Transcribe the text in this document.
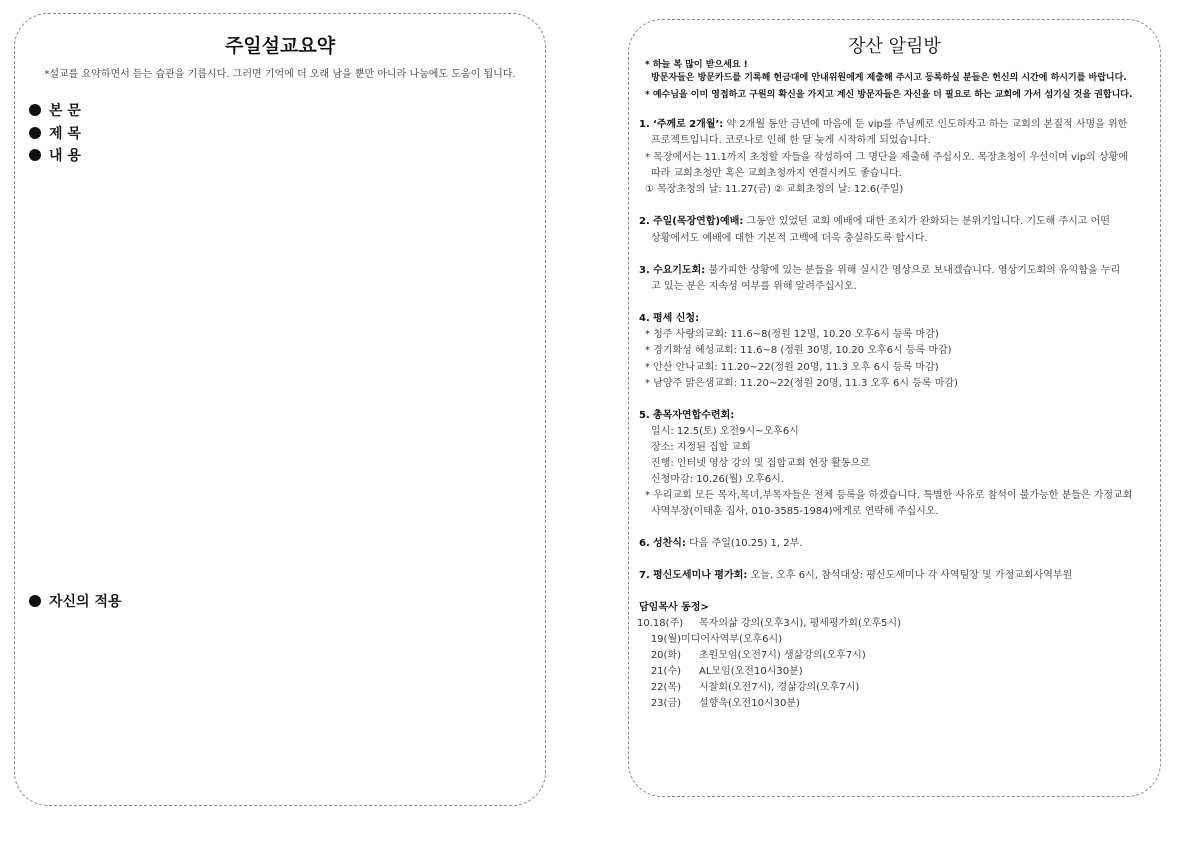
주일설교요약
*설교를 요약하면서 듣는 습관을 기릅시다. 그러면 기억에 더 오래 남을 뿐만 아니라 나눔에도 도움이 됩니다.
본 문
제 목
내 용
자신의 적용
장산 알림방
* 하늘 복 많이 받으세요 !
방문자들은 방문카드를 기록해 헌금대에 안내위원에게 제출해 주시고 등록하실 분들은 헌신의 시간에 하시기를 바랍니다.
* 예수님을 이미 영접하고 구원의 확신을 가지고 계신 방문자들은 자신을 더 필요로 하는 교회에 가서 섬기실 것을 권합니다.
1. ‘주께로 2개월’: 약 2개월 동안 금년에 마음에 둔 vip를 주님께로 인도하자고 하는 교회의 본질적 사명을 위한
프로젝트입니다. 코로나로 인해 한 달 늦게 시작하게 되었습니다.
* 목장에서는 11.1까지 초청할 자들을 작성하여 그 명단을 제출해 주십시오. 목장초청이 우선이며 vip의 상황에
따라 교회초청만 혹은 교회초청까지 연결시켜도 좋습니다.
① 목장초청의 날: 11.27(금) ② 교회초청의 날: 12.6(주일)
2. 주일(목장연합)예배: 그동안 있었던 교회 예배에 대한 조치가 완화되는 분위기입니다. 기도해 주시고 어떤
상황에서도 예배에 대한 기본적 고백에 더욱 충실하도록 합시다.
3. 수요기도회: 불가피한 상황에 있는 분들을 위해 실시간 영상으로 보내겠습니다. 영상기도회의 유익함을 누리
고 있는 분은 지속성 여부를 위해 알려주십시오.
4. 평세 신청:
* 청주 사랑의교회: 11.6~8(정원 12명, 10.20 오후6시 등록 마감)
* 경기화성 혜성교회: 11.6~8 (정원 30명, 10.20 오후6시 등록 마감)
* 안산 안나교회: 11.20~22(정원 20명, 11.3 오후 6시 등록 마감)
* 남양주 맑은샘교회: 11.20~22(정원 20명, 11.3 오후 6시 등록 마감)
5. 총목자연합수련회:
일시: 12.5(토) 오전9시~오후6시
장소: 지정된 집합 교회
진행: 인터넷 영상 강의 및 집합교회 현장 활동으로
신청마감: 10.26(월) 오후6시.
* 우리교회 모든 목자,목녀,부목자들은 전체 등록을 하겠습니다. 특별한 사유로 참석이 불가능한 분들은 가정교회
사역부장(이태훈 집사, 010-3585-1984)에게로 연락해 주십시오.
6. 성찬식: 다음 주일(10.25) 1, 2부.
7. 평신도세미나 평가회: 오늘, 오후 6시, 참석대상: 평신도세미나 각 사역팀장 및 가정교회사역부원
담임목사 동정>
10.18(주) 목자의삶 강의(오후3시), 평세평가회(오후5시)
19(월)미디어사역부(오후6시)
20(화) 초원모임(오전7시) 생삶강의(오후7시)
21(수) AL모임(오전10시30분)
22(목) 시찰회(오전7시), 경삶강의(오후7시)
23(금) 설향욱(오전10시30분)
